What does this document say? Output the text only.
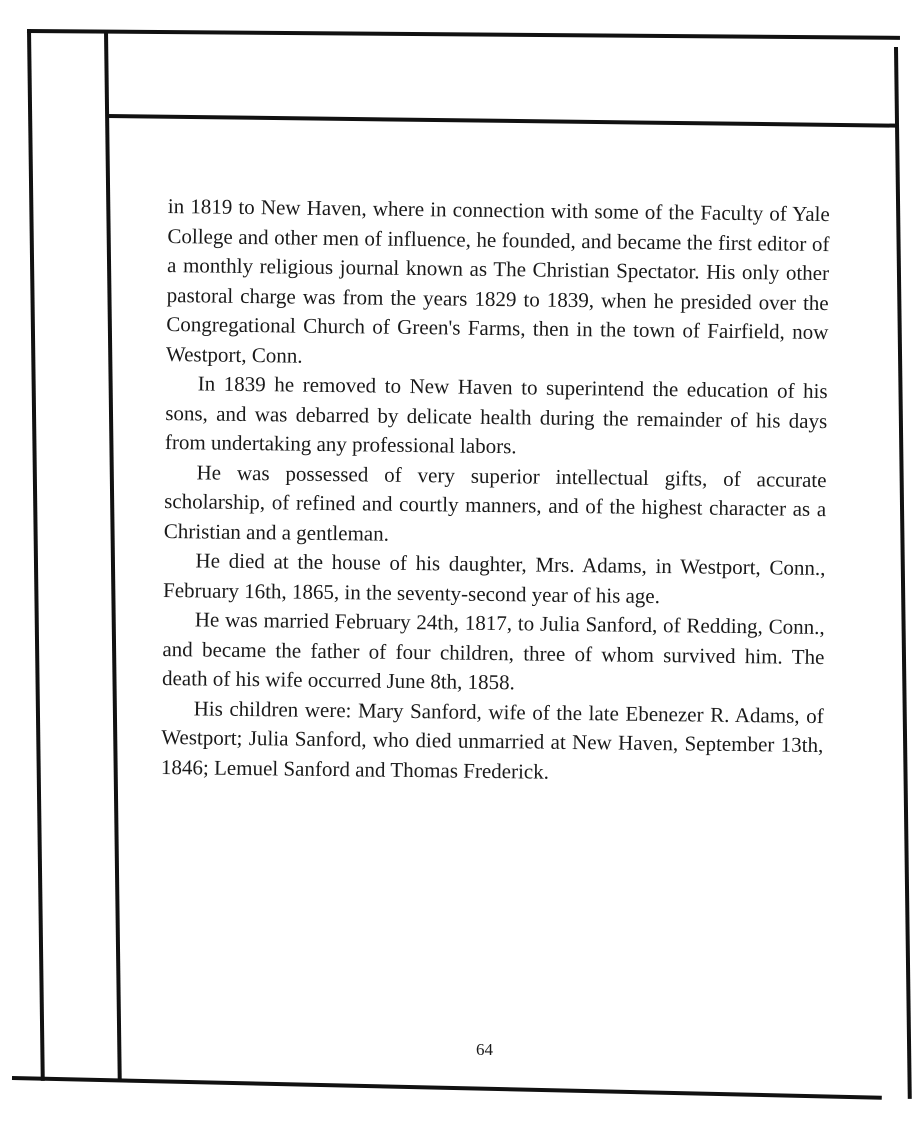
in 1819 to New Haven, where in connection with some of the Faculty of Yale College and other men of influence, he founded, and became the first editor of a monthly religious journal known as The Christian Spectator. His only other pastoral charge was from the years 1829 to 1839, when he presided over the Congregational Church of Green's Farms, then in the town of Fairfield, now Westport, Conn.

In 1839 he removed to New Haven to superintend the education of his sons, and was debarred by delicate health during the remainder of his days from undertaking any professional labors.

He was possessed of very superior intellectual gifts, of accurate scholarship, of refined and courtly manners, and of the highest character as a Christian and a gentleman.

He died at the house of his daughter, Mrs. Adams, in Westport, Conn., February 16th, 1865, in the seventy-second year of his age.

He was married February 24th, 1817, to Julia Sanford, of Redding, Conn., and became the father of four children, three of whom survived him. The death of his wife occurred June 8th, 1858.

His children were: Mary Sanford, wife of the late Ebenezer R. Adams, of Westport; Julia Sanford, who died unmarried at New Haven, September 13th, 1846; Lemuel Sanford and Thomas Frederick.

64
